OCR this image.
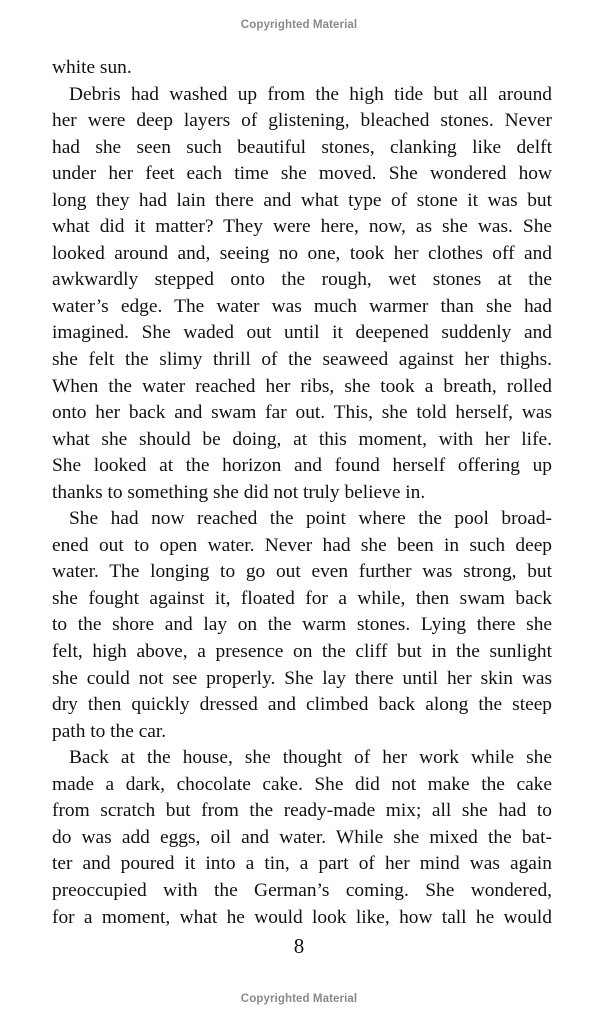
Copyrighted Material
white sun.
Debris had washed up from the high tide but all around
her were deep layers of glistening, bleached stones. Never
had she seen such beautiful stones, clanking like delft
under her feet each time she moved. She wondered how
long they had lain there and what type of stone it was but
what did it matter? They were here, now, as she was. She
looked around and, seeing no one, took her clothes off and
awkwardly stepped onto the rough, wet stones at the
water’s edge. The water was much warmer than she had
imagined. She waded out until it deepened suddenly and
she felt the slimy thrill of the seaweed against her thighs.
When the water reached her ribs, she took a breath, rolled
onto her back and swam far out. This, she told herself, was
what she should be doing, at this moment, with her life.
She looked at the horizon and found herself offering up
thanks to something she did not truly believe in.
She had now reached the point where the pool broad-
ened out to open water. Never had she been in such deep
water. The longing to go out even further was strong, but
she fought against it, floated for a while, then swam back
to the shore and lay on the warm stones. Lying there she
felt, high above, a presence on the cliff but in the sunlight
she could not see properly. She lay there until her skin was
dry then quickly dressed and climbed back along the steep
path to the car.
Back at the house, she thought of her work while she
made a dark, chocolate cake. She did not make the cake
from scratch but from the ready-made mix; all she had to
do was add eggs, oil and water. While she mixed the bat-
ter and poured it into a tin, a part of her mind was again
preoccupied with the German’s coming. She wondered,
for a moment, what he would look like, how tall he would
8
Copyrighted Material
